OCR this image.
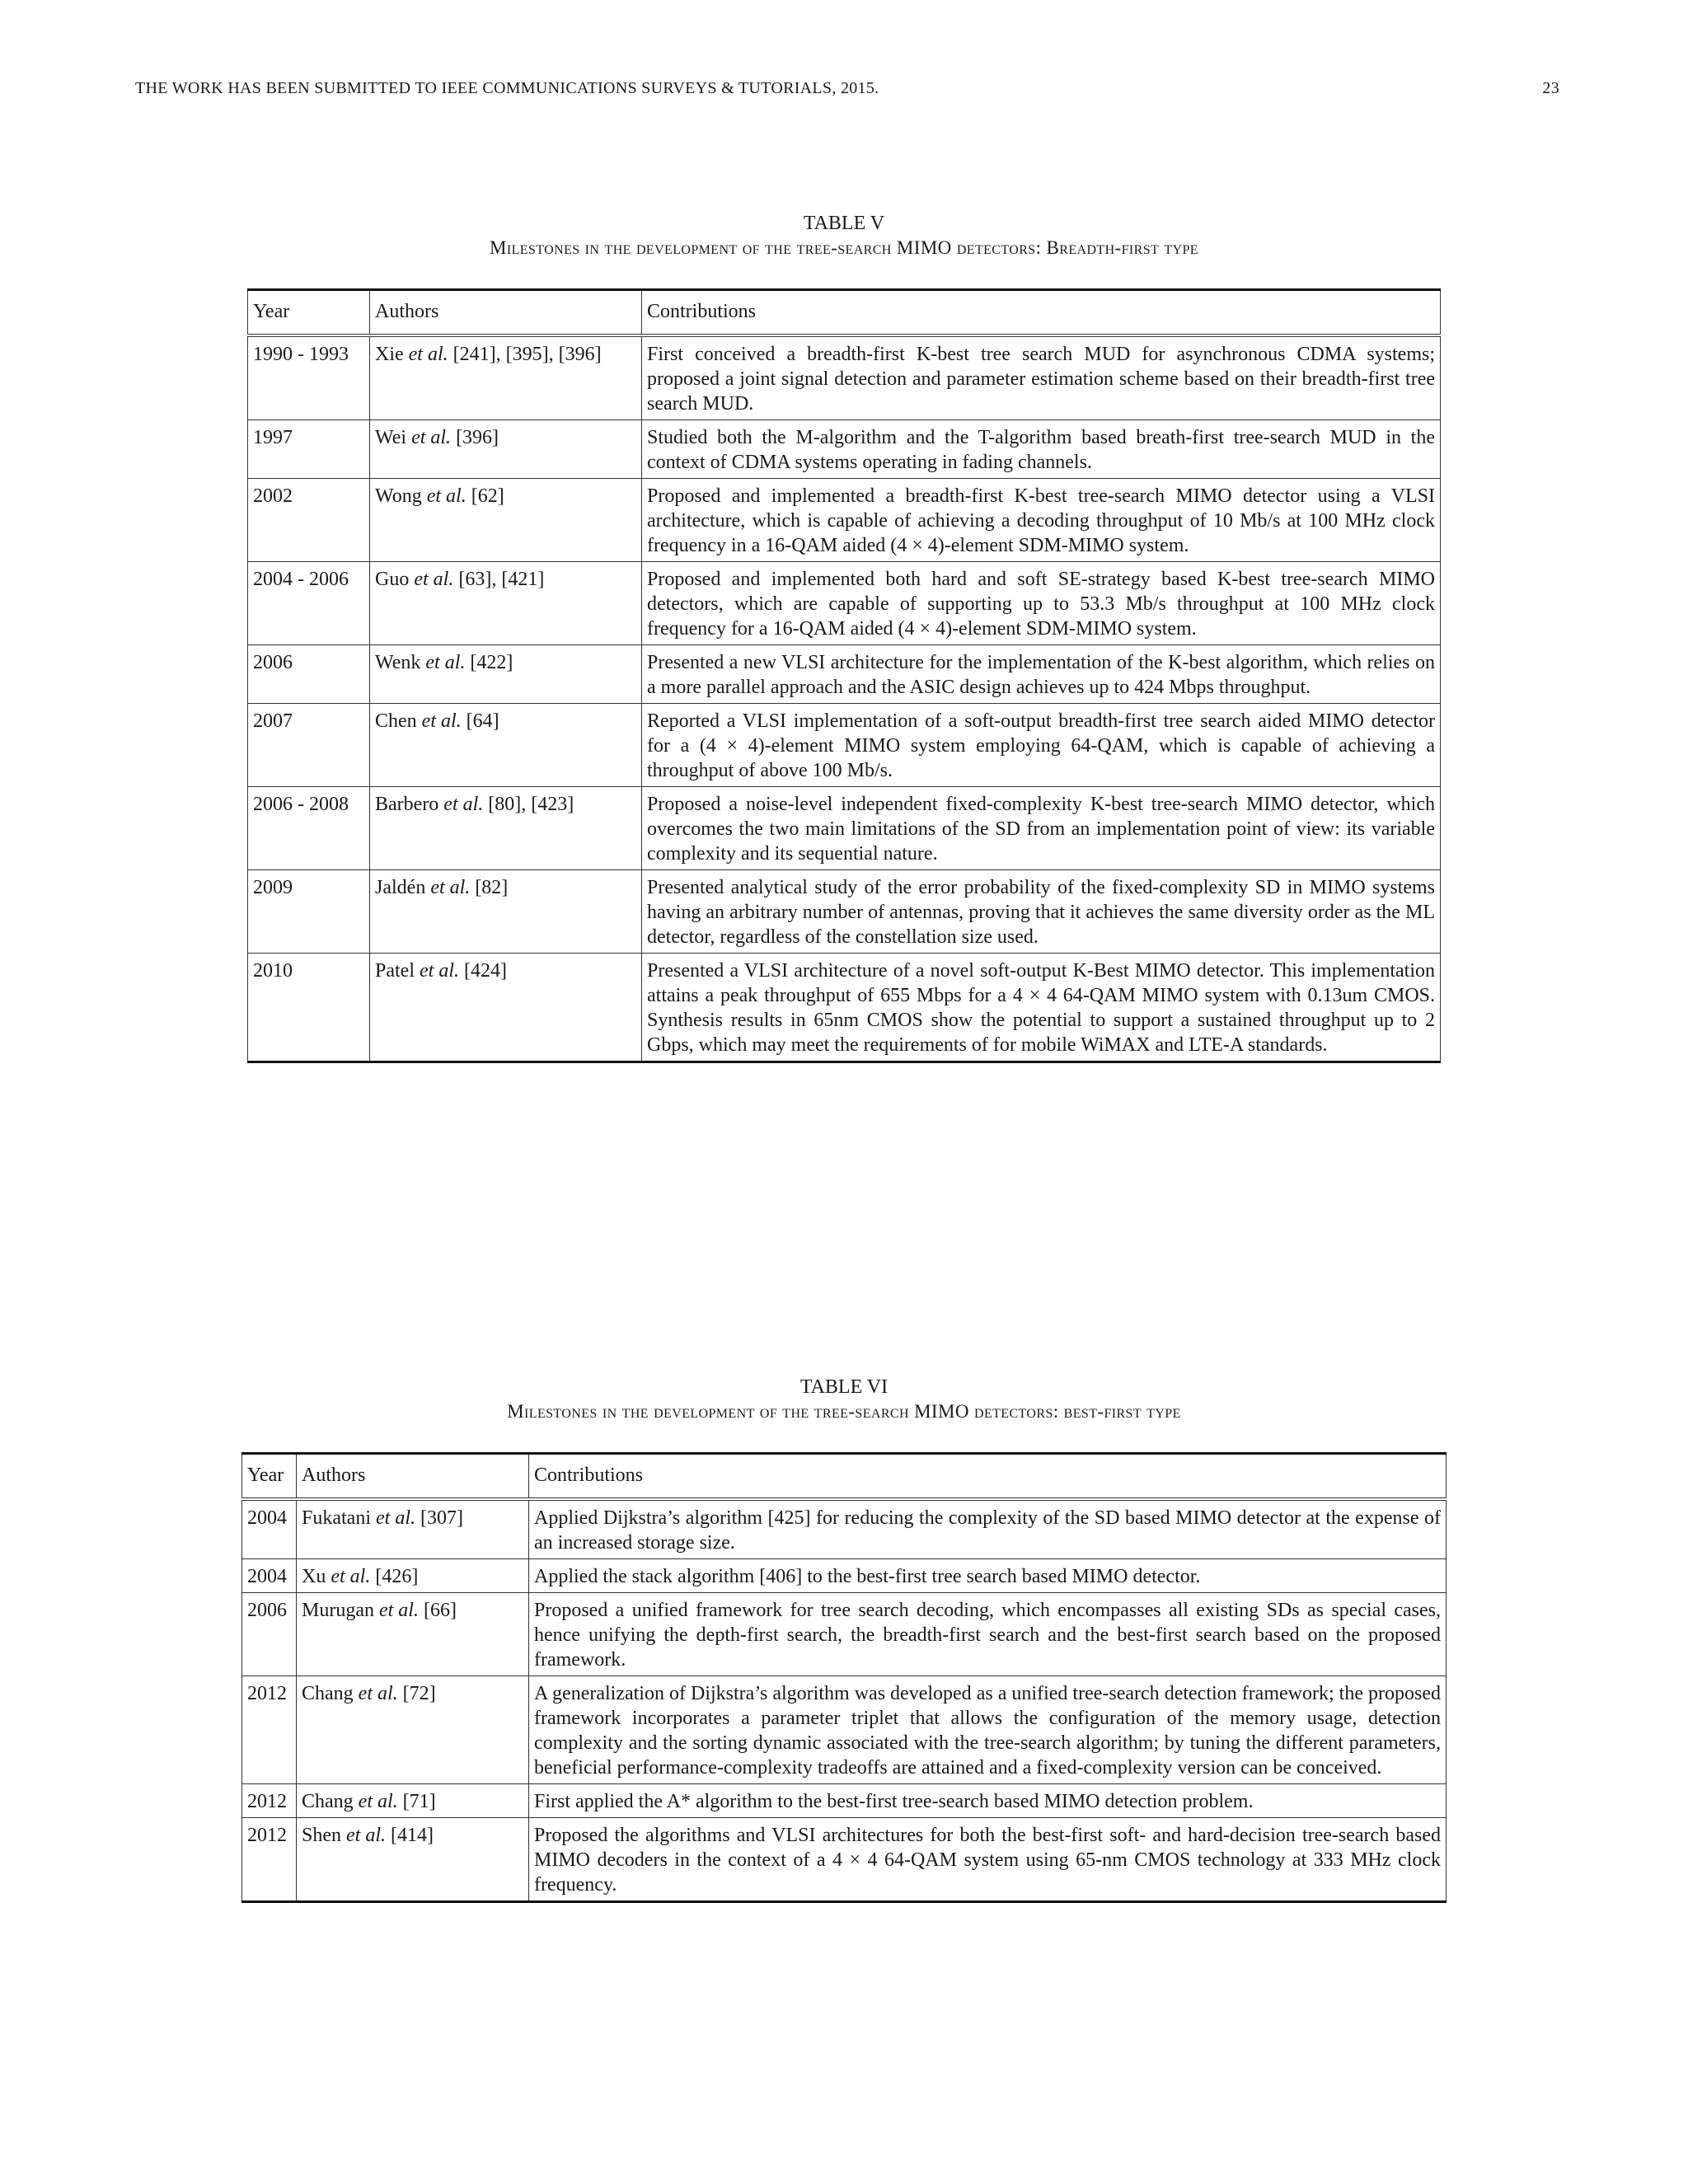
THE WORK HAS BEEN SUBMITTED TO IEEE COMMUNICATIONS SURVEYS & TUTORIALS, 2015.	23
TABLE V
Milestones in the development of the tree-search MIMO detectors: Breadth-first type
Year	Authors	Contributions
1990 - 1993	Xie et al. [241], [395], [396]	First conceived a breadth-first K-best tree search MUD for asynchronous CDMA systems; proposed a joint signal detection and parameter estimation scheme based on their breadth-first tree search MUD.
1997	Wei et al. [396]	Studied both the M-algorithm and the T-algorithm based breath-first tree-search MUD in the context of CDMA systems operating in fading channels.
2002	Wong et al. [62]	Proposed and implemented a breadth-first K-best tree-search MIMO detector using a VLSI architecture, which is capable of achieving a decoding throughput of 10 Mb/s at 100 MHz clock frequency in a 16-QAM aided (4 × 4)-element SDM-MIMO system.
2004 - 2006	Guo et al. [63], [421]	Proposed and implemented both hard and soft SE-strategy based K-best tree-search MIMO detectors, which are capable of supporting up to 53.3 Mb/s throughput at 100 MHz clock frequency for a 16-QAM aided (4 × 4)-element SDM-MIMO system.
2006	Wenk et al. [422]	Presented a new VLSI architecture for the implementation of the K-best algorithm, which relies on a more parallel approach and the ASIC design achieves up to 424 Mbps throughput.
2007	Chen et al. [64]	Reported a VLSI implementation of a soft-output breadth-first tree search aided MIMO detector for a (4 × 4)-element MIMO system employing 64-QAM, which is capable of achieving a throughput of above 100 Mb/s.
2006 - 2008	Barbero et al. [80], [423]	Proposed a noise-level independent fixed-complexity K-best tree-search MIMO detector, which overcomes the two main limitations of the SD from an implementation point of view: its variable complexity and its sequential nature.
2009	Jaldén et al. [82]	Presented analytical study of the error probability of the fixed-complexity SD in MIMO systems having an arbitrary number of antennas, proving that it achieves the same diversity order as the ML detector, regardless of the constellation size used.
2010	Patel et al. [424]	Presented a VLSI architecture of a novel soft-output K-Best MIMO detector. This implementation attains a peak throughput of 655 Mbps for a 4 × 4 64-QAM MIMO system with 0.13um CMOS. Synthesis results in 65nm CMOS show the potential to support a sustained throughput up to 2 Gbps, which may meet the requirements of for mobile WiMAX and LTE-A standards.
TABLE VI
Milestones in the development of the tree-search MIMO detectors: best-first type
Year	Authors	Contributions
2004	Fukatani et al. [307]	Applied Dijkstra’s algorithm [425] for reducing the complexity of the SD based MIMO detector at the expense of an increased storage size.
2004	Xu et al. [426]	Applied the stack algorithm [406] to the best-first tree search based MIMO detector.
2006	Murugan et al. [66]	Proposed a unified framework for tree search decoding, which encompasses all existing SDs as special cases, hence unifying the depth-first search, the breadth-first search and the best-first search based on the proposed framework.
2012	Chang et al. [72]	A generalization of Dijkstra’s algorithm was developed as a unified tree-search detection framework; the proposed framework incorporates a parameter triplet that allows the configuration of the memory usage, detection complexity and the sorting dynamic associated with the tree-search algorithm; by tuning the different parameters, beneficial performance-complexity tradeoffs are attained and a fixed-complexity version can be conceived.
2012	Chang et al. [71]	First applied the A* algorithm to the best-first tree-search based MIMO detection problem.
2012	Shen et al. [414]	Proposed the algorithms and VLSI architectures for both the best-first soft- and hard-decision tree-search based MIMO decoders in the context of a 4 × 4 64-QAM system using 65-nm CMOS technology at 333 MHz clock frequency.
